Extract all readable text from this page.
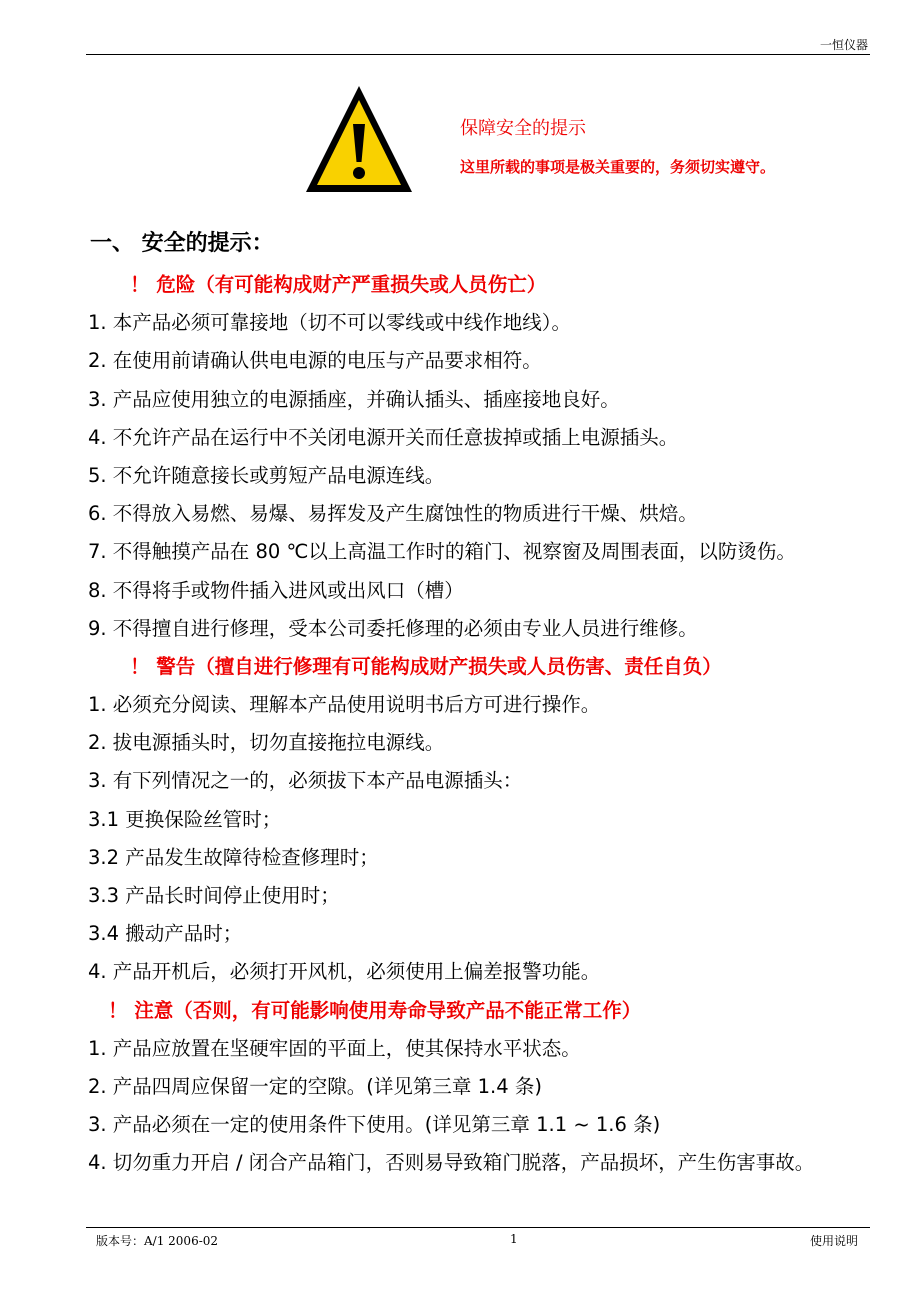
一恒仪器
保障安全的提示
这里所载的事项是极关重要的，务须切实遵守。
一、 安全的提示：
！ 危险（有可能构成财产严重损失或人员伤亡）
1. 本产品必须可靠接地（切不可以零线或中线作地线）。
2. 在使用前请确认供电电源的电压与产品要求相符。
3. 产品应使用独立的电源插座，并确认插头、插座接地良好。
4. 不允许产品在运行中不关闭电源开关而任意拔掉或插上电源插头。
5. 不允许随意接长或剪短产品电源连线。
6. 不得放入易燃、易爆、易挥发及产生腐蚀性的物质进行干燥、烘焙。
7. 不得触摸产品在 80 ℃以上高温工作时的箱门、视察窗及周围表面，以防烫伤。
8. 不得将手或物件插入进风或出风口（槽）
9. 不得擅自进行修理，受本公司委托修理的必须由专业人员进行维修。
！ 警告（擅自进行修理有可能构成财产损失或人员伤害、责任自负）
1. 必须充分阅读、理解本产品使用说明书后方可进行操作。
2. 拔电源插头时，切勿直接拖拉电源线。
3. 有下列情况之一的，必须拔下本产品电源插头：
3.1 更换保险丝管时；
3.2 产品发生故障待检查修理时；
3.3 产品长时间停止使用时；
3.4 搬动产品时；
4. 产品开机后，必须打开风机，必须使用上偏差报警功能。
！ 注意（否则，有可能影响使用寿命导致产品不能正常工作）
1. 产品应放置在坚硬牢固的平面上，使其保持水平状态。
2. 产品四周应保留一定的空隙。(详见第三章 1.4 条)
3. 产品必须在一定的使用条件下使用。(详见第三章 1.1 ~ 1.6 条)
4. 切勿重力开启 / 闭合产品箱门，否则易导致箱门脱落，产品损坏，产生伤害事故。
版本号：A/1 2006-02	1	使用说明
